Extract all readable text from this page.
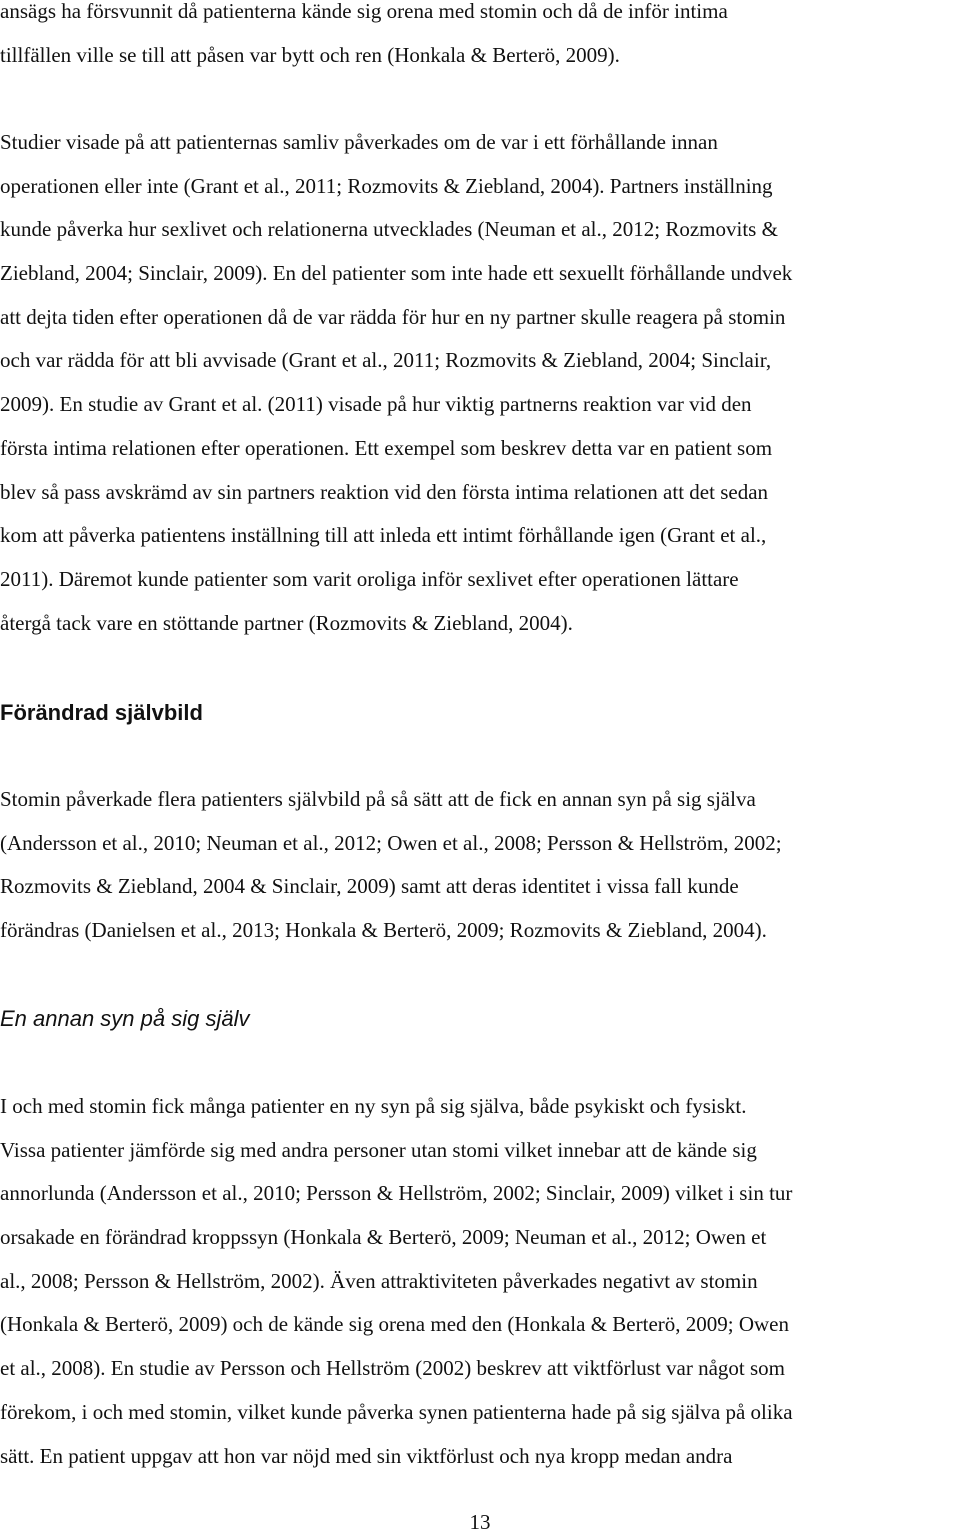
ansägs ha försvunnit då patienterna kände sig orena med stomin och då de inför intima
tillfällen ville se till att påsen var bytt och ren (Honkala & Berterö, 2009).

Studier visade på att patienternas samliv påverkades om de var i ett förhållande innan
operationen eller inte (Grant et al., 2011; Rozmovits & Ziebland, 2004). Partners inställning
kunde påverka hur sexlivet och relationerna utvecklades (Neuman et al., 2012; Rozmovits &
Ziebland, 2004; Sinclair, 2009). En del patienter som inte hade ett sexuellt förhållande undvek
att dejta tiden efter operationen då de var rädda för hur en ny partner skulle reagera på stomin
och var rädda för att bli avvisade (Grant et al., 2011; Rozmovits & Ziebland, 2004; Sinclair,
2009). En studie av Grant et al. (2011) visade på hur viktig partnerns reaktion var vid den
första intima relationen efter operationen. Ett exempel som beskrev detta var en patient som
blev så pass avskrämd av sin partners reaktion vid den första intima relationen att det sedan
kom att påverka patientens inställning till att inleda ett intimt förhållande igen (Grant et al.,
2011). Däremot kunde patienter som varit oroliga inför sexlivet efter operationen lättare
återgå tack vare en stöttande partner (Rozmovits & Ziebland, 2004).

Förändrad självbild

Stomin påverkade flera patienters självbild på så sätt att de fick en annan syn på sig själva
(Andersson et al., 2010; Neuman et al., 2012; Owen et al., 2008; Persson & Hellström, 2002;
Rozmovits & Ziebland, 2004 & Sinclair, 2009) samt att deras identitet i vissa fall kunde
förändras (Danielsen et al., 2013; Honkala & Berterö, 2009; Rozmovits & Ziebland, 2004).

En annan syn på sig själv

I och med stomin fick många patienter en ny syn på sig själva, både psykiskt och fysiskt.
Vissa patienter jämförde sig med andra personer utan stomi vilket innebar att de kände sig
annorlunda (Andersson et al., 2010; Persson & Hellström, 2002; Sinclair, 2009) vilket i sin tur
orsakade en förändrad kroppssyn (Honkala & Berterö, 2009; Neuman et al., 2012; Owen et
al., 2008; Persson & Hellström, 2002). Även attraktiviteten påverkades negativt av stomin
(Honkala & Berterö, 2009) och de kände sig orena med den (Honkala & Berterö, 2009; Owen
et al., 2008). En studie av Persson och Hellström (2002) beskrev att viktförlust var något som
förekom, i och med stomin, vilket kunde påverka synen patienterna hade på sig själva på olika
sätt. En patient uppgav att hon var nöjd med sin viktförlust och nya kropp medan andra

13
